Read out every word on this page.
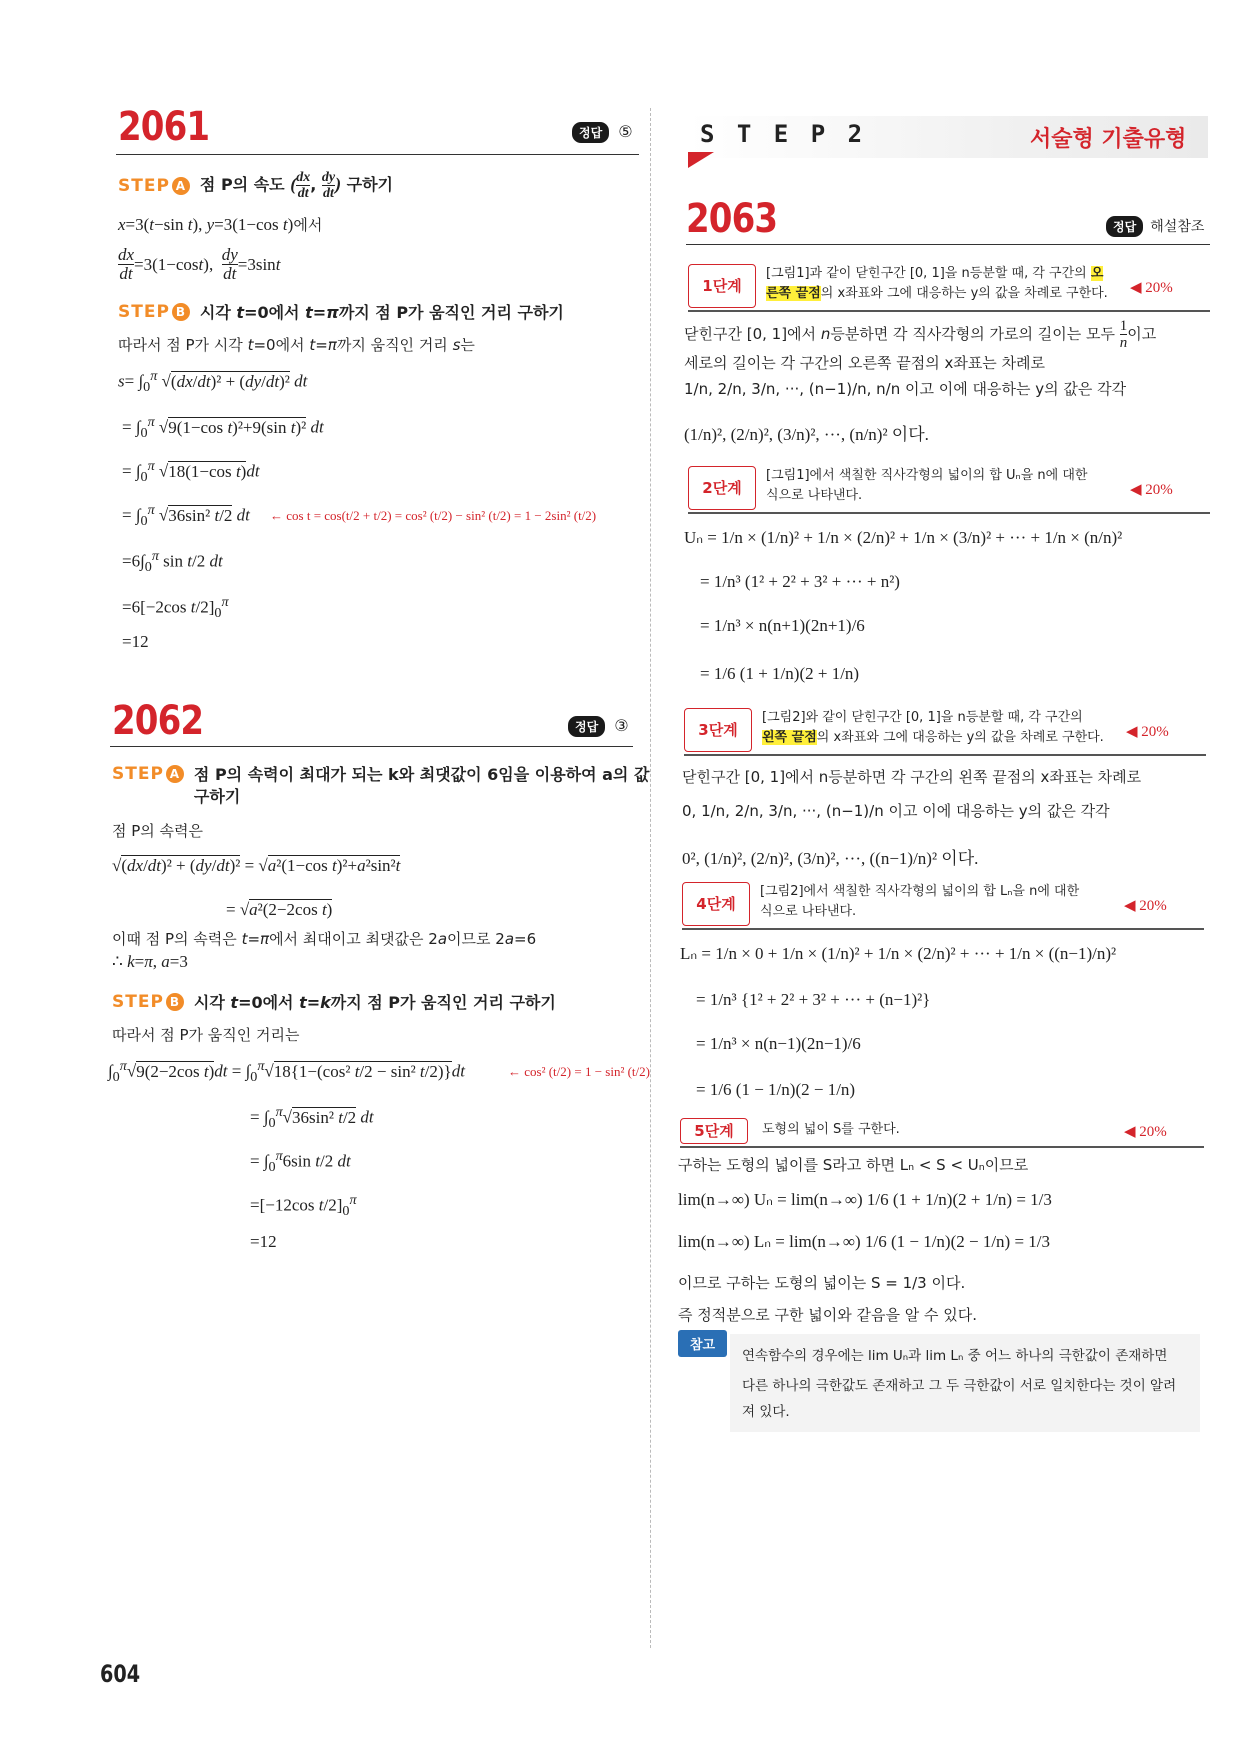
2061	정답 ⑤
STEP A 점 P의 속도 ( $\frac{dx}{dt}$ , $\frac{dy}{dt}$ ) 구하기
x=3(t−sin t), y=3(1−cos t)에서
dx
dt =3(1−cos t ), dy
dt =3sin t
STEP B 시각 t=0에서 t=π까지 점 P가 움직인 거리 구하기
따라서 점 P가 시각 t=0에서 t=π까지 움직인 거리 s는
$s= \int_0^\pi$ √(dx/dt)² + (dy/dt)² dt
= $\int_0^\pi$ √9(1−cos t)²+9(sin t)² dt
= $\int_0^\pi$ √18(1−cos t)dt
= $\int_0^\pi$ √36sin² t/2 dt ← cos t = cos(t/2 + t/2) = cos² (t/2) − sin² (t/2) = 1 − 2sin² (t/2)
$=6\int_0^\pi$ sin t/2 dt
=6[−2cos $t/2]_0^\pi$
=12
2062	정답 ③
STEP A 점 P의 속력이 최대가 되는 k와 최댓값이 6임을 이용하여 a의 값
구하기
점 P의 속력은
√(dx/dt)² + (dy/dt)² = √a²(1−cos t)²+a²sin²t
= √a²(2−2cos t)
이때 점 P의 속력은 t=π에서 최대이고 최댓값은 2a이므로 2a=6
∴ k=π, a=3
STEP B 시각 t=0에서 t=k까지 점 P가 움직인 거리 구하기
따라서 점 P가 움직인 거리는
$\int_0^\pi√9(2-2\cos$ $t)dt = \int_0^\pi√18\{1-(\cos^2$ t/2 − sin² t/2)}dt	← cos² (t/2) = 1 − sin² (t/2)
= $\int_0^\pi√36\sin^2$ t/2 dt
= $\int_0^\pi 6\sin$ t/2 dt
=[−12cos $t/2]_0^\pi$
=12
604
S T E P 2	서술형 기출유형
2063	정답 해설참조
1단계
[그림1]과 같이 닫힌구간 [0, 1]을 n등분할 때, 각 구간의 오
른쪽 끝점의 x좌표와 그에 대응하는 y의 값을 차례로 구한다. ◀ 20%
닫힌구간 [0, 1]에서 n등분하면 각 직사각형의 가로의 길이는 모두 $\frac{1}{n}$ 이고
세로의 길이는 각 구간의 오른쪽 끝점의 x좌표는 차례로
1/n, 2/n, 3/n, ···, (n−1)/n, n/n 이고 이에 대응하는 y의 값은 각각
(1/n)², (2/n)², (3/n)², ···, (n/n)² 이다.
2단계
[그림1]에서 색칠한 직사각형의 넓이의 합 Uₙ을 n에 대한
식으로 나타낸다.	◀ 20%
Uₙ = 1/n × (1/n)² + 1/n × (2/n)² + 1/n × (3/n)² + ··· + 1/n × (n/n)²
= 1/n³ (1² + 2² + 3² + ··· + n²)
= 1/n³ × n(n+1)(2n+1)/6
= 1/6 (1 + 1/n)(2 + 1/n)
3단계
[그림2]와 같이 닫힌구간 [0, 1]을 n등분할 때, 각 구간의
왼쪽 끝점의 x좌표와 그에 대응하는 y의 값을 차례로 구한다. ◀ 20%
닫힌구간 [0, 1]에서 n등분하면 각 구간의 왼쪽 끝점의 x좌표는 차례로
0, 1/n, 2/n, 3/n, ···, (n−1)/n 이고 이에 대응하는 y의 값은 각각
0², (1/n)², (2/n)², (3/n)², ···, ((n−1)/n)² 이다.
4단계
[그림2]에서 색칠한 직사각형의 넓이의 합 Lₙ을 n에 대한
식으로 나타낸다.	◀ 20%
Lₙ = 1/n × 0 + 1/n × (1/n)² + 1/n × (2/n)² + ··· + 1/n × ((n−1)/n)²
= 1/n³ {1² + 2² + 3² + ··· + (n−1)²}
= 1/n³ × n(n−1)(2n−1)/6
= 1/6 (1 − 1/n)(2 − 1/n)
5단계	도형의 넓이 S를 구한다.	◀ 20%
구하는 도형의 넓이를 S라고 하면 Lₙ < S < Uₙ이므로
lim(n→∞) Uₙ = lim(n→∞) 1/6 (1 + 1/n)(2 + 1/n) = 1/3
lim(n→∞) Lₙ = lim(n→∞) 1/6 (1 − 1/n)(2 − 1/n) = 1/3
이므로 구하는 도형의 넓이는 S = 1/3 이다.
즉 정적분으로 구한 넓이와 같음을 알 수 있다.
참고
연속함수의 경우에는 lim Uₙ과 lim Lₙ 중 어느 하나의 극한값이 존재하면
다른 하나의 극한값도 존재하고 그 두 극한값이 서로 일치한다는 것이 알려
져 있다.
